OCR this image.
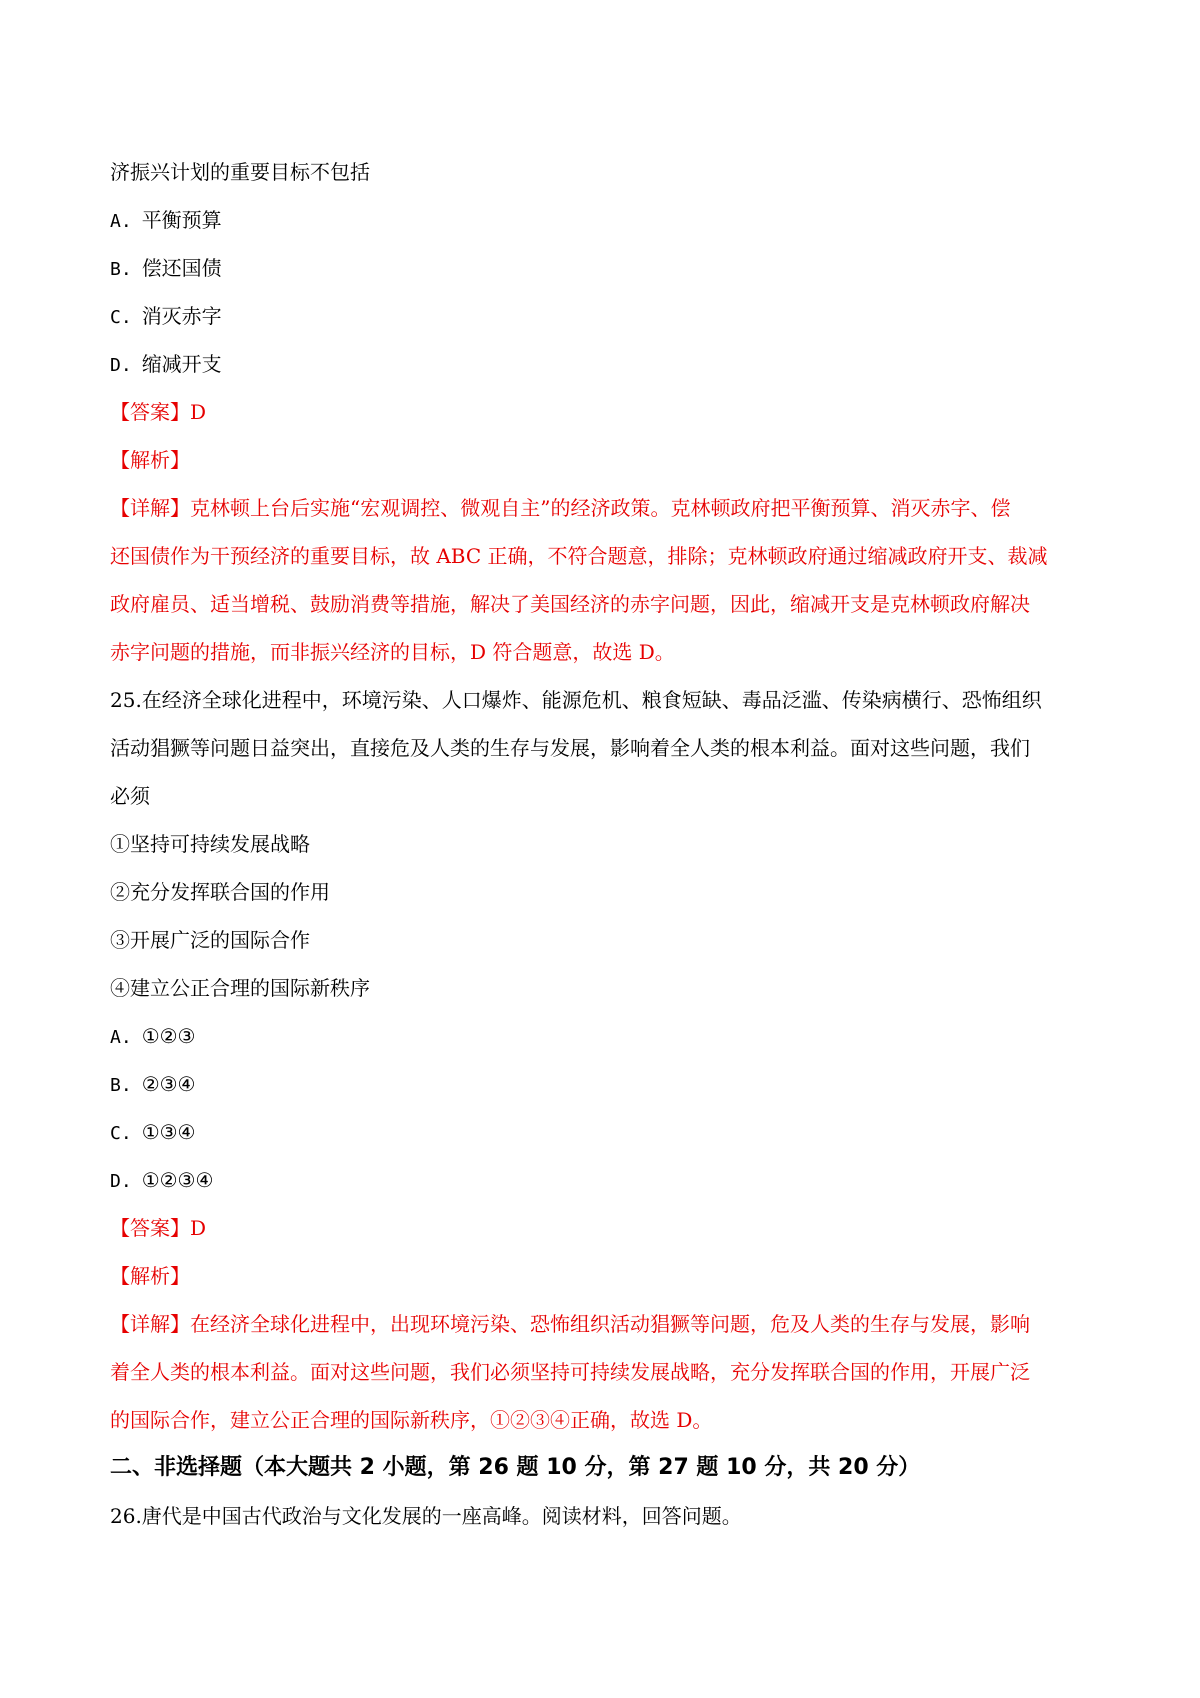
济振兴计划的重要目标不包括
A. 平衡预算
B. 偿还国债
C. 消灭赤字
D. 缩减开支
【答案】D
【解析】
【详解】克林顿上台后实施“宏观调控、微观自主”的经济政策。克林顿政府把平衡预算、消灭赤字、偿
还国债作为干预经济的重要目标，故 ABC 正确，不符合题意，排除；克林顿政府通过缩减政府开支、裁减
政府雇员、适当增税、鼓励消费等措施，解决了美国经济的赤字问题，因此，缩减开支是克林顿政府解决
赤字问题的措施，而非振兴经济的目标，D 符合题意，故选 D。
25.在经济全球化进程中，环境污染、人口爆炸、能源危机、粮食短缺、毒品泛滥、传染病横行、恐怖组织
活动猖獗等问题日益突出，直接危及人类的生存与发展，影响着全人类的根本利益。面对这些问题，我们
必须
①坚持可持续发展战略
②充分发挥联合国的作用
③开展广泛的国际合作
④建立公正合理的国际新秩序
A. ①②③
B. ②③④
C. ①③④
D. ①②③④
【答案】D
【解析】
【详解】在经济全球化进程中，出现环境污染、恐怖组织活动猖獗等问题，危及人类的生存与发展，影响
着全人类的根本利益。面对这些问题，我们必须坚持可持续发展战略，充分发挥联合国的作用，开展广泛
的国际合作，建立公正合理的国际新秩序，①②③④正确，故选 D。
二、非选择题（本大题共 2 小题，第 26 题 10 分，第 27 题 10 分，共 20 分）
26.唐代是中国古代政治与文化发展的一座高峰。阅读材料，回答问题。
